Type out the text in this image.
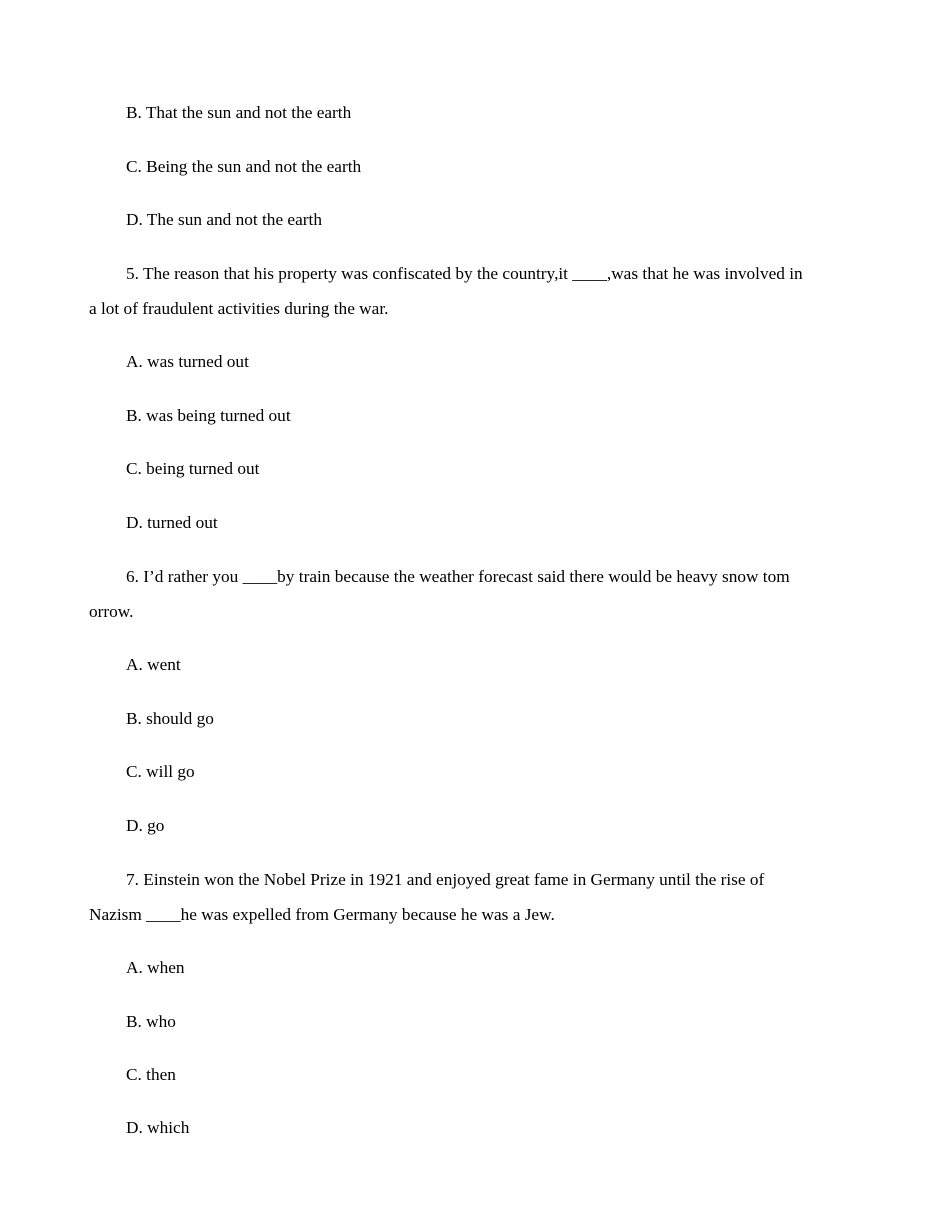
B. That the sun and not the earth
C. Being the sun and not the earth
D. The sun and not the earth
5. The reason that his property was confiscated by the country,it ____,was that he was involved in
a lot of fraudulent activities during the war.
A. was turned out
B. was being turned out
C. being turned out
D. turned out
6. I’d rather you ____by train because the weather forecast said there would be heavy snow tom
orrow.
A. went
B. should go
C. will go
D. go
7. Einstein won the Nobel Prize in 1921 and enjoyed great fame in Germany until the rise of
Nazism ____he was expelled from Germany because he was a Jew.
A. when
B. who
C. then
D. which
